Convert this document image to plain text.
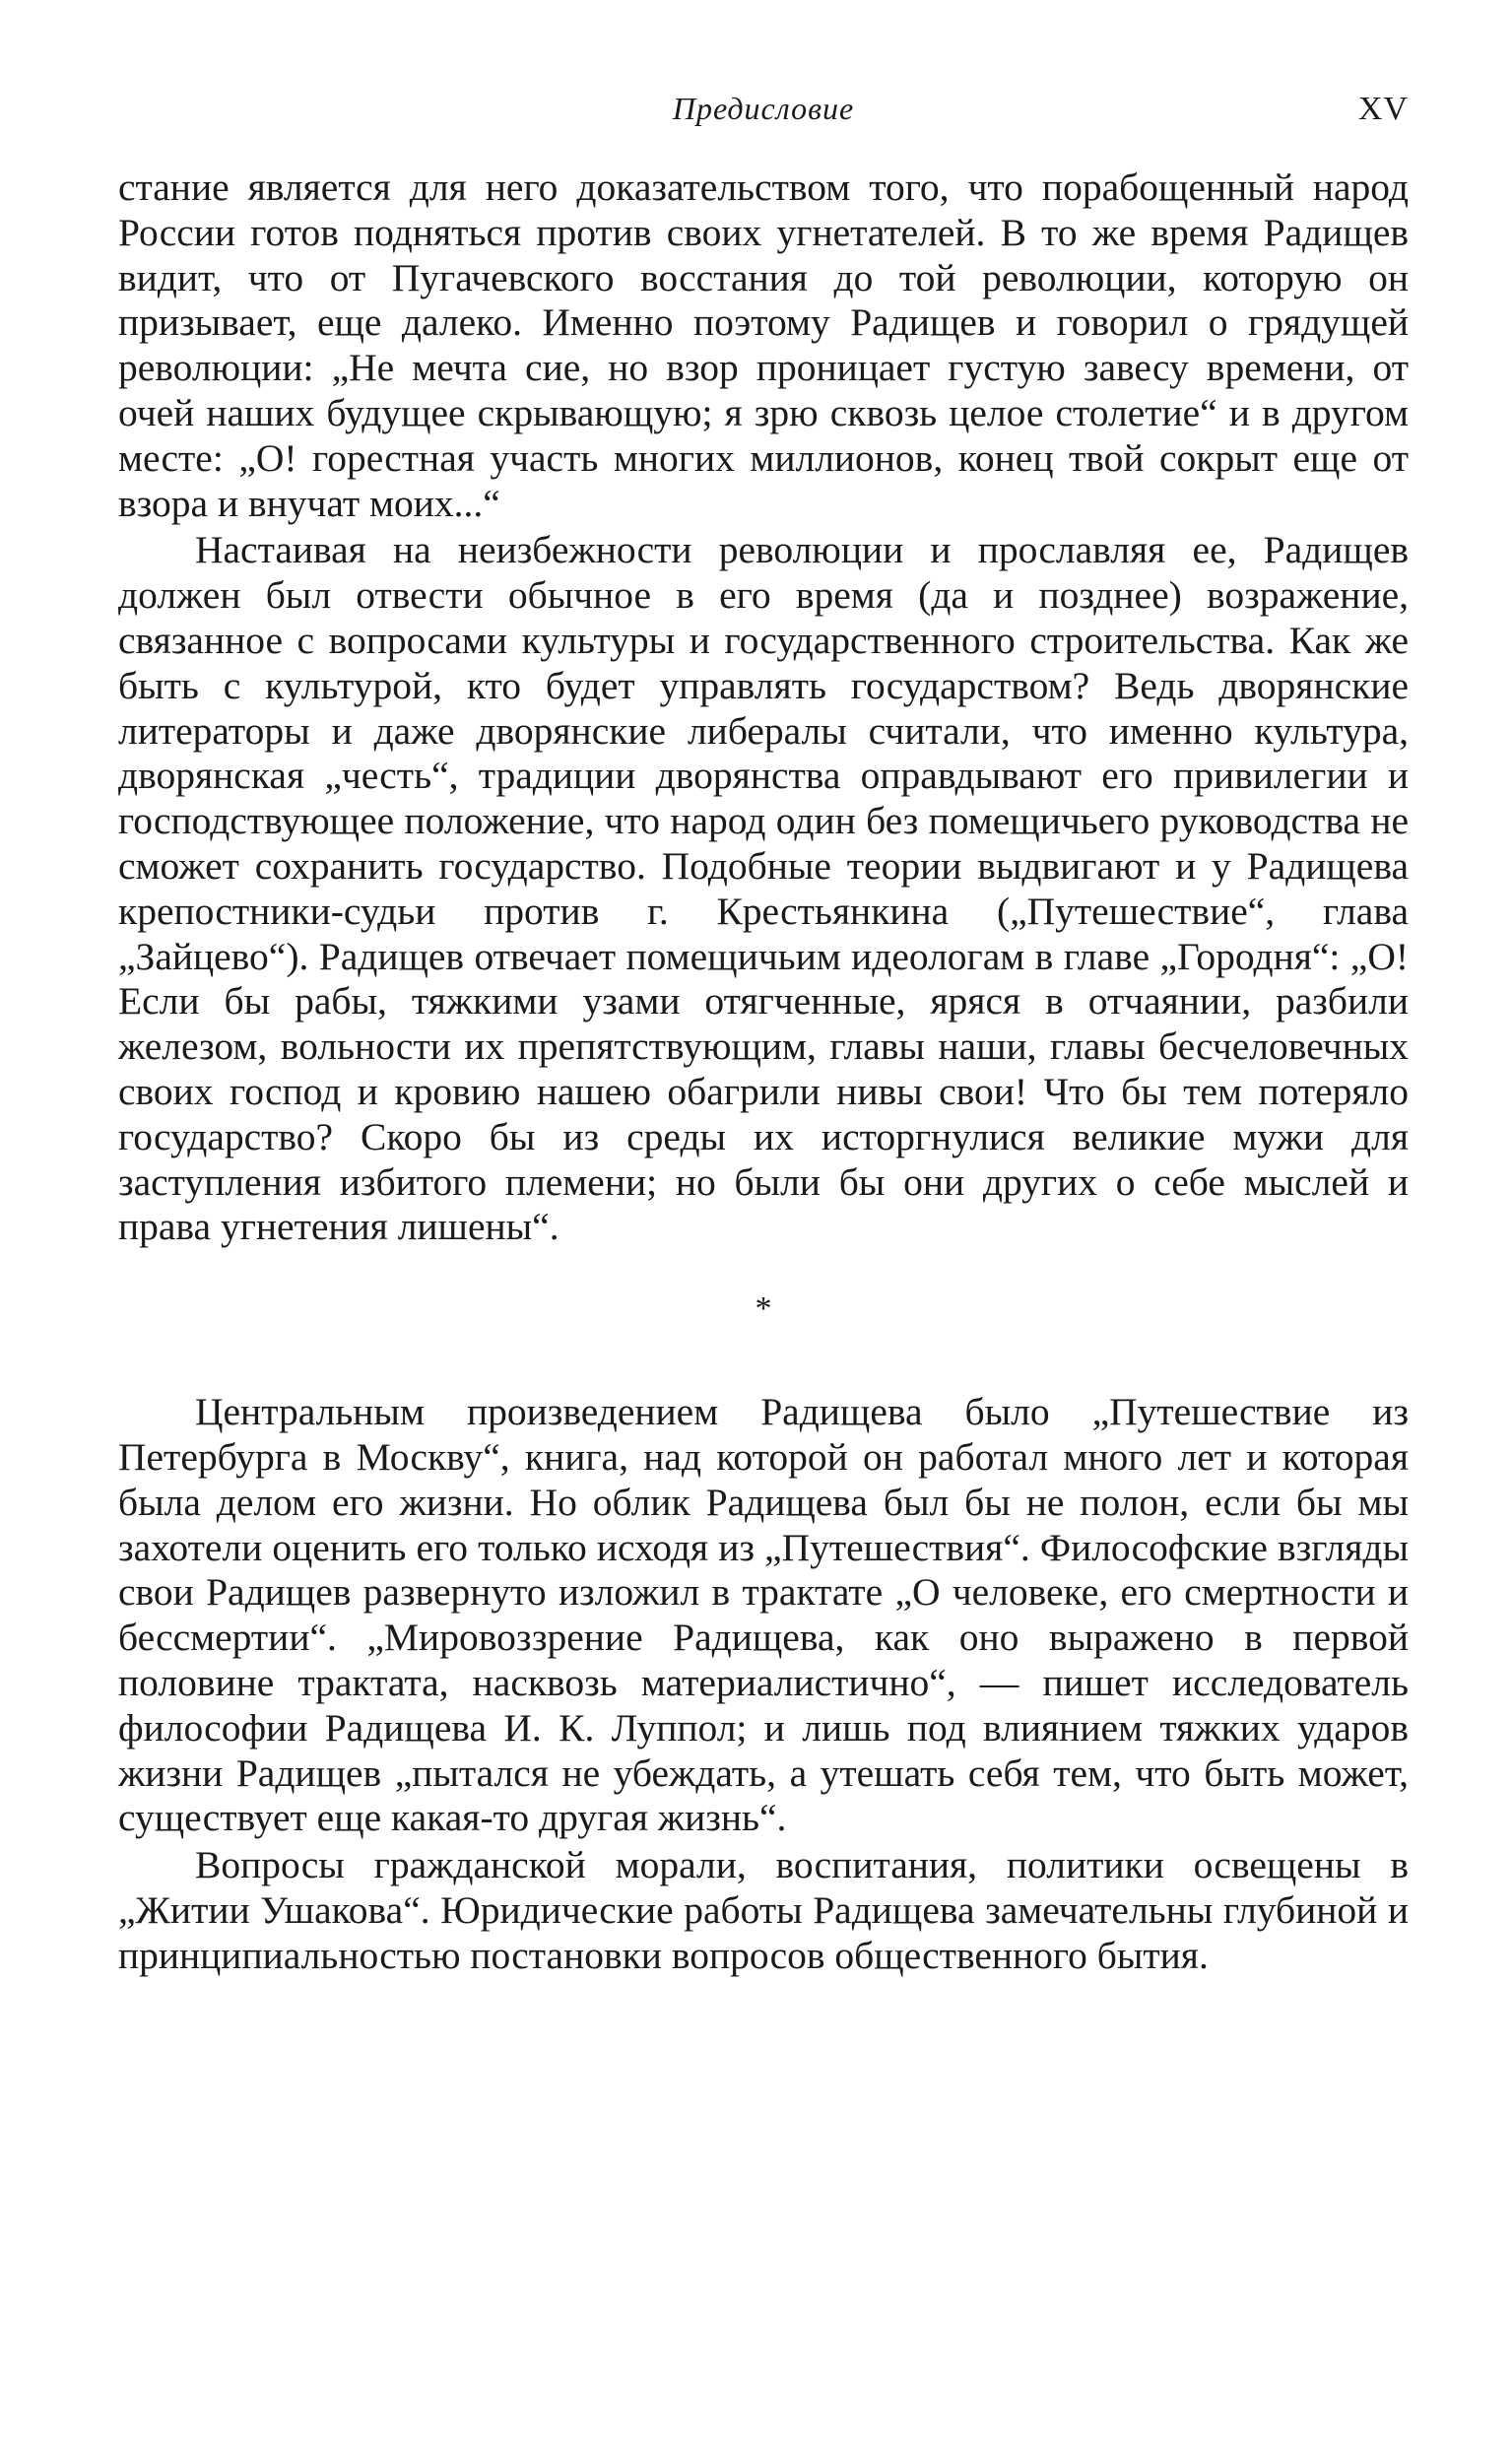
Предисловие	XV

стание является для него доказательством того, что порабощенный народ России готов подняться против своих угнетателей. В то же время Радищев видит, что от Пугачевского восстания до той революции, которую он призывает, еще далеко. Именно поэтому Радищев и говорил о грядущей революции: „Не мечта сие, но взор проницает густую завесу времени, от очей наших будущее скрывающую; я зрю сквозь целое столетие“ и в другом месте: „О! горестная участь многих миллионов, конец твой сокрыт еще от взора и внучат моих...“

Настаивая на неизбежности революции и прославляя ее, Радищев должен был отвести обычное в его время (да и позднее) возражение, связанное с вопросами культуры и государственного строительства. Как же быть с культурой, кто будет управлять государством? Ведь дворянские литераторы и даже дворянские либералы считали, что именно культура, дворянская „честь“, традиции дворянства оправдывают его привилегии и господствующее положение, что народ один без помещичьего руководства не сможет сохранить государство. Подобные теории выдвигают и у Радищева крепостники-судьи против г. Крестьянкина („Путешествие“, глава „Зайцево“). Радищев отвечает помещичьим идеологам в главе „Городня“: „О! Если бы рабы, тяжкими узами отягченные, яряся в отчаянии, разбили железом, вольности их препятствующим, главы наши, главы бесчеловечных своих господ и кровию нашею обагрили нивы свои! Что бы тем потеряло государство? Скоро бы из среды их исторгнулися великие мужи для заступления избитого племени; но были бы они других о себе мыслей и права угнетения лишены“.

*

Центральным произведением Радищева было „Путешествие из Петербурга в Москву“, книга, над которой он работал много лет и которая была делом его жизни. Но облик Радищева был бы не полон, если бы мы захотели оценить его только исходя из „Путешествия“. Философские взгляды свои Радищев развернуто изложил в трактате „О человеке, его смертности и бессмертии“. „Мировоззрение Радищева, как оно выражено в первой половине трактата, насквозь материалистично“, — пишет исследователь философии Радищева И. К. Луппол; и лишь под влиянием тяжких ударов жизни Радищев „пытался не убеждать, а утешать себя тем, что быть может, существует еще какая-то другая жизнь“.

Вопросы гражданской морали, воспитания, политики освещены в „Житии Ушакова“. Юридические работы Радищева замечательны глубиной и принципиальностью постановки вопросов общественного бытия.
